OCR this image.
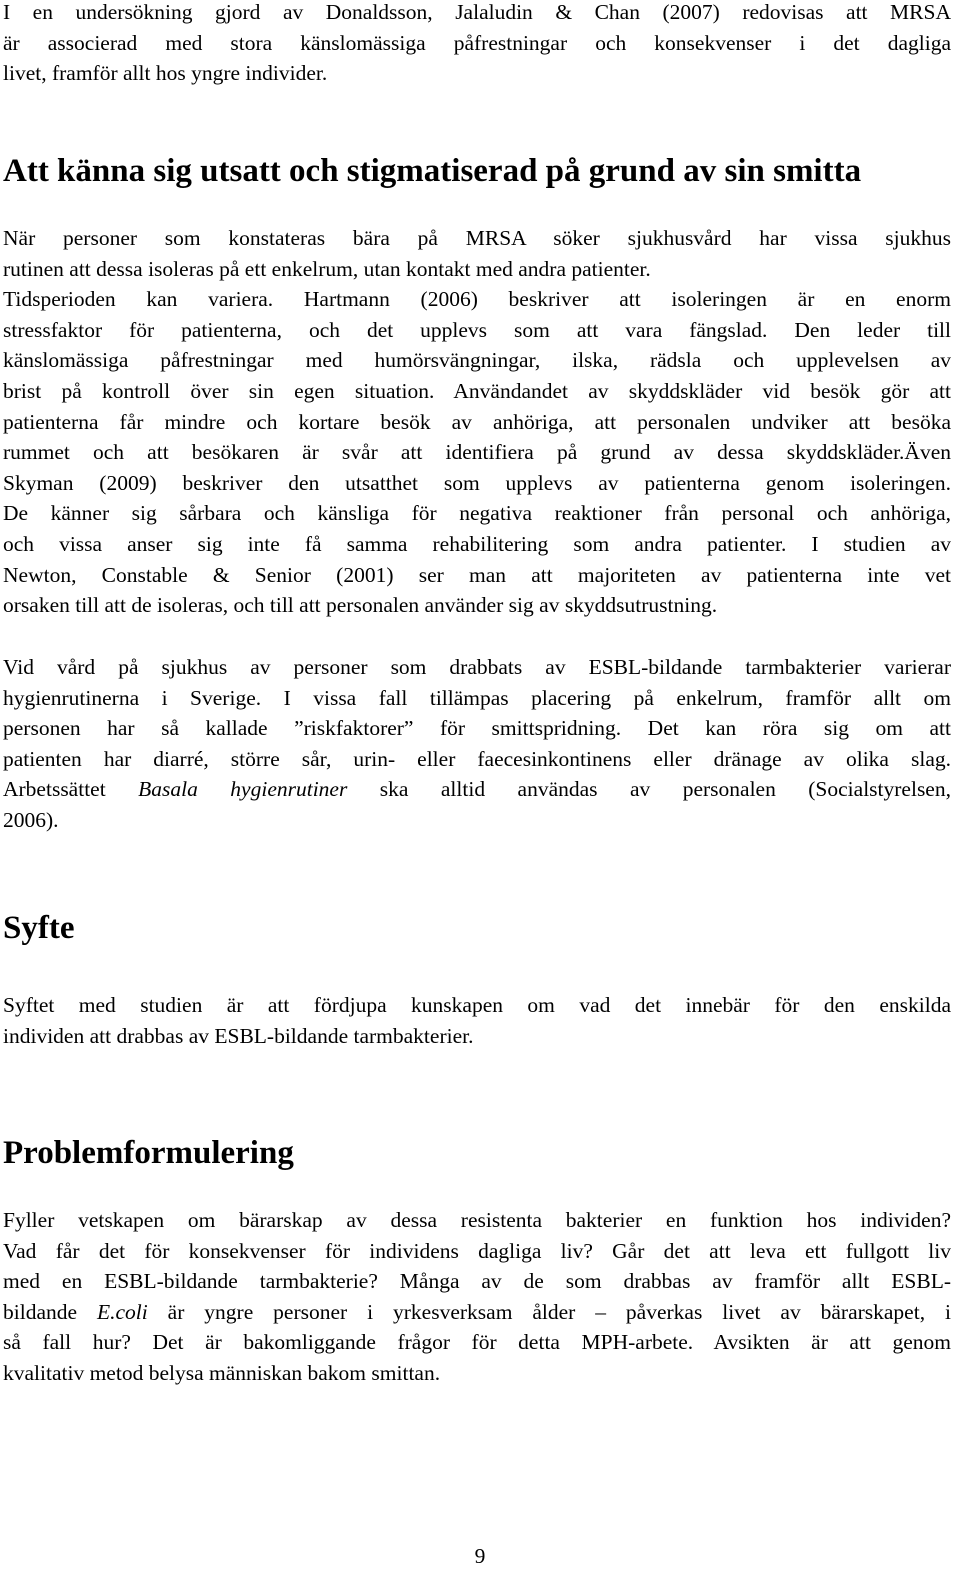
I en undersökning gjord av Donaldsson, Jalaludin & Chan (2007) redovisas att MRSA
är associerad med stora känslomässiga påfrestningar och konsekvenser i det dagliga
livet, framför allt hos yngre individer.

Att känna sig utsatt och stigmatiserad på grund av sin smitta

När personer som konstateras bära på MRSA söker sjukhusvård har vissa sjukhus
rutinen att dessa isoleras på ett enkelrum, utan kontakt med andra patienter.
Tidsperioden kan variera. Hartmann (2006) beskriver att isoleringen är en enorm
stressfaktor för patienterna, och det upplevs som att vara fängslad. Den leder till
känslomässiga påfrestningar med humörsvängningar, ilska, rädsla och upplevelsen av
brist på kontroll över sin egen situation. Användandet av skyddskläder vid besök gör att
patienterna får mindre och kortare besök av anhöriga, att personalen undviker att besöka
rummet och att besökaren är svår att identifiera på grund av dessa skyddskläder.Även
Skyman (2009) beskriver den utsatthet som upplevs av patienterna genom isoleringen.
De känner sig sårbara och känsliga för negativa reaktioner från personal och anhöriga,
och vissa anser sig inte få samma rehabilitering som andra patienter. I studien av
Newton, Constable & Senior (2001) ser man att majoriteten av patienterna inte vet
orsaken till att de isoleras, och till att personalen använder sig av skyddsutrustning.

Vid vård på sjukhus av personer som drabbats av ESBL-bildande tarmbakterier varierar
hygienrutinerna i Sverige. I vissa fall tillämpas placering på enkelrum, framför allt om
personen har så kallade ”riskfaktorer” för smittspridning. Det kan röra sig om att
patienten har diarré, större sår, urin- eller faecesinkontinens eller dränage av olika slag.
Arbetssättet Basala hygienrutiner ska alltid användas av personalen (Socialstyrelsen,
2006).

Syfte

Syftet med studien är att fördjupa kunskapen om vad det innebär för den enskilda
individen att drabbas av ESBL-bildande tarmbakterier.

Problemformulering

Fyller vetskapen om bärarskap av dessa resistenta bakterier en funktion hos individen?
Vad får det för konsekvenser för individens dagliga liv? Går det att leva ett fullgott liv
med en ESBL-bildande tarmbakterie? Många av de som drabbas av framför allt ESBL-
bildande E.coli är yngre personer i yrkesverksam ålder – påverkas livet av bärarskapet, i
så fall hur? Det är bakomliggande frågor för detta MPH-arbete. Avsikten är att genom
kvalitativ metod belysa människan bakom smittan.

9
